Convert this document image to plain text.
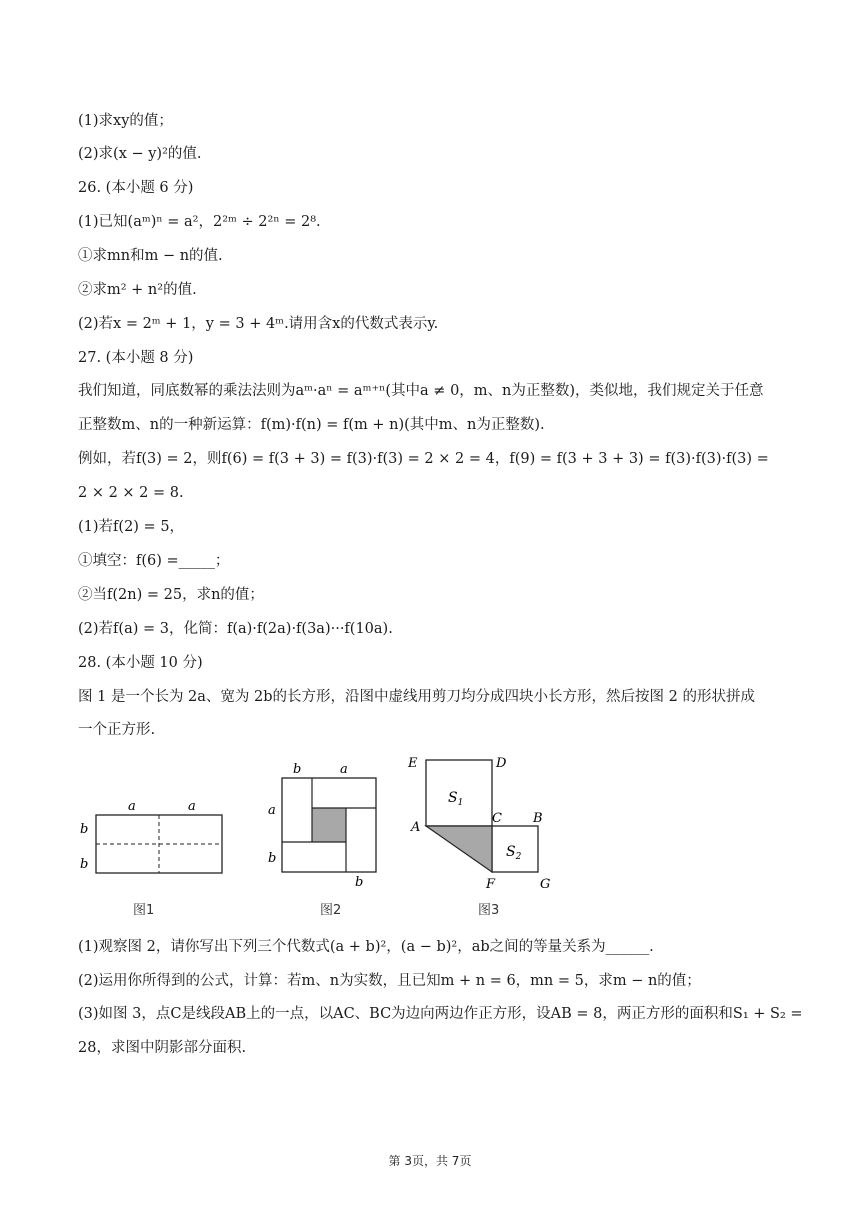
(1)求xy的值；
(2)求(x − y)²的值.
26. (本小题 6 分)
(1)已知(aᵐ)ⁿ = a²，2²ᵐ ÷ 2²ⁿ = 2⁸.
①求mn和m − n的值.
②求m² + n²的值.
(2)若x = 2ᵐ + 1，y = 3 + 4ᵐ.请用含x的代数式表示y.
27. (本小题 8 分)
我们知道，同底数幂的乘法法则为aᵐ·aⁿ = aᵐ⁺ⁿ(其中a ≠ 0，m、n为正整数)，类似地，我们规定关于任意
正整数m、n的一种新运算：f(m)·f(n) = f(m + n)(其中m、n为正整数).
例如，若f(3) = 2，则f(6) = f(3 + 3) = f(3)·f(3) = 2 × 2 = 4，f(9) = f(3 + 3 + 3) = f(3)·f(3)·f(3) =
2 × 2 × 2 = 8.
(1)若f(2) = 5，
①填空：f(6) =_____；
②当f(2n) = 25，求n的值；
(2)若f(a) = 3，化简：f(a)·f(2a)·f(3a)···f(10a).
28. (本小题 10 分)
图 1 是一个长为 2a、宽为 2b的长方形，沿图中虚线用剪刀均分成四块小长方形，然后按图 2 的形状拼成
一个正方形.
a	a
b
b
图1
b	a
a
b
b
图2
E	D
A
C B
F	G
$S_1$
$S_2$
图3
(1)观察图 2，请你写出下列三个代数式(a + b)²，(a − b)²，ab之间的等量关系为______.
(2)运用你所得到的公式，计算：若m、n为实数，且已知m + n = 6，mn = 5，求m − n的值；
(3)如图 3，点C是线段AB上的一点，以AC、BC为边向两边作正方形，设AB = 8，两正方形的面积和S₁ + S₂ =
28，求图中阴影部分面积.
第 3页，共 7页
